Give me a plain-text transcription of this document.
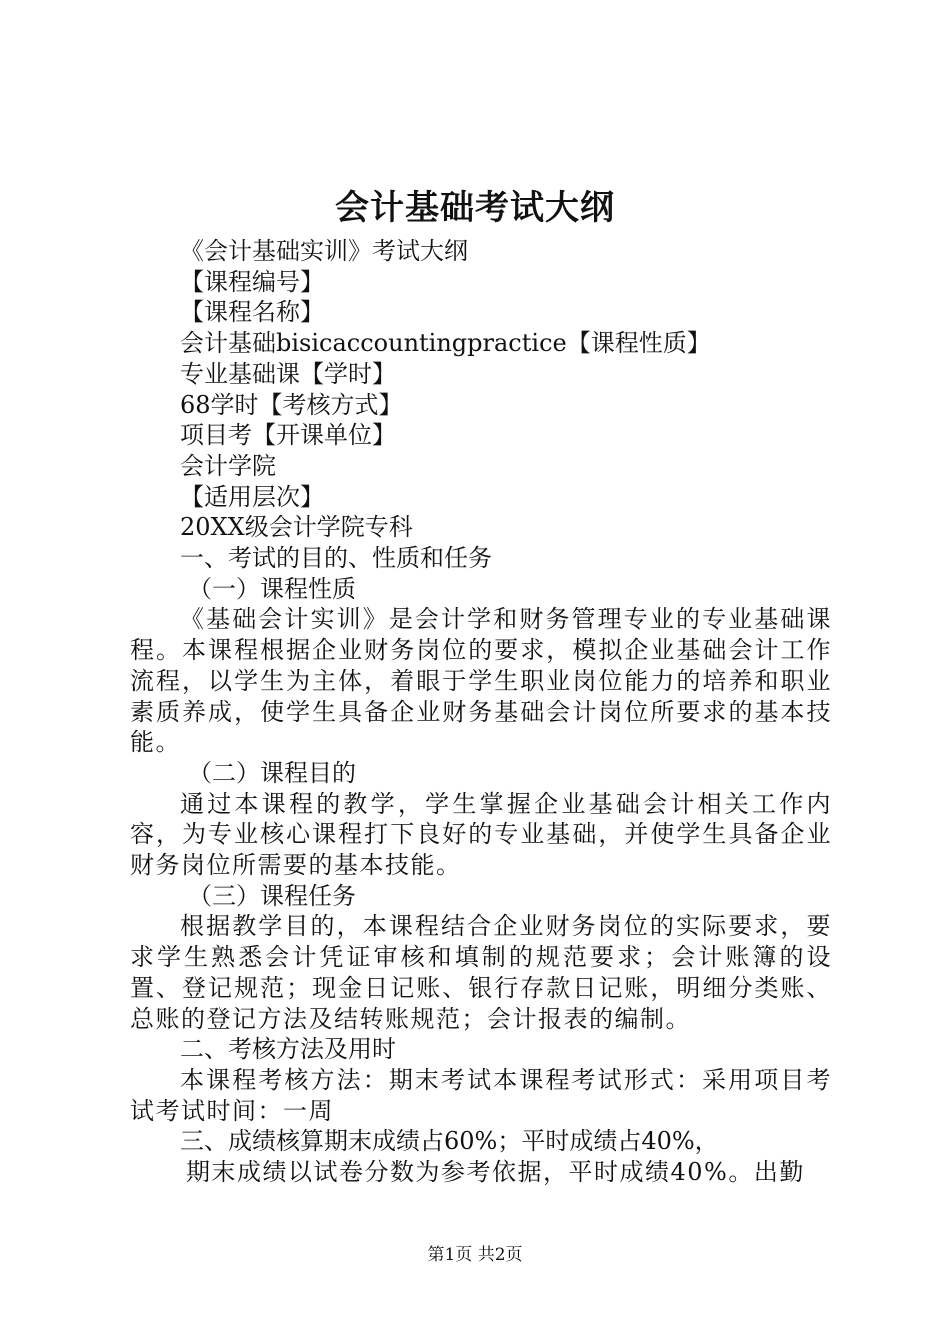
会计基础考试大纲
《会计基础实训》考试大纲
【课程编号】
【课程名称】
会计基础bisicaccountingpractice【课程性质】
专业基础课【学时】
68学时【考核方式】
项目考【开课单位】
会计学院
【适用层次】
20XX级会计学院专科
一、考试的目的、性质和任务
（一）课程性质
《基础会计实训》是会计学和财务管理专业的专业基础课程。本课程根据企业财务岗位的要求，模拟企业基础会计工作流程，以学生为主体，着眼于学生职业岗位能力的培养和职业素质养成，使学生具备企业财务基础会计岗位所要求的基本技能。
（二）课程目的
通过本课程的教学，学生掌握企业基础会计相关工作内容，为专业核心课程打下良好的专业基础，并使学生具备企业财务岗位所需要的基本技能。
（三）课程任务
根据教学目的，本课程结合企业财务岗位的实际要求，要求学生熟悉会计凭证审核和填制的规范要求；会计账簿的设置、登记规范；现金日记账、银行存款日记账，明细分类账、总账的登记方法及结转账规范；会计报表的编制。
二、考核方法及用时
本课程考核方法：期末考试本课程考试形式：采用项目考试考试时间：一周
三、成绩核算期末成绩占60%；平时成绩占40%，
期末成绩以试卷分数为参考依据，平时成绩40%。出勤
第1页 共2页
